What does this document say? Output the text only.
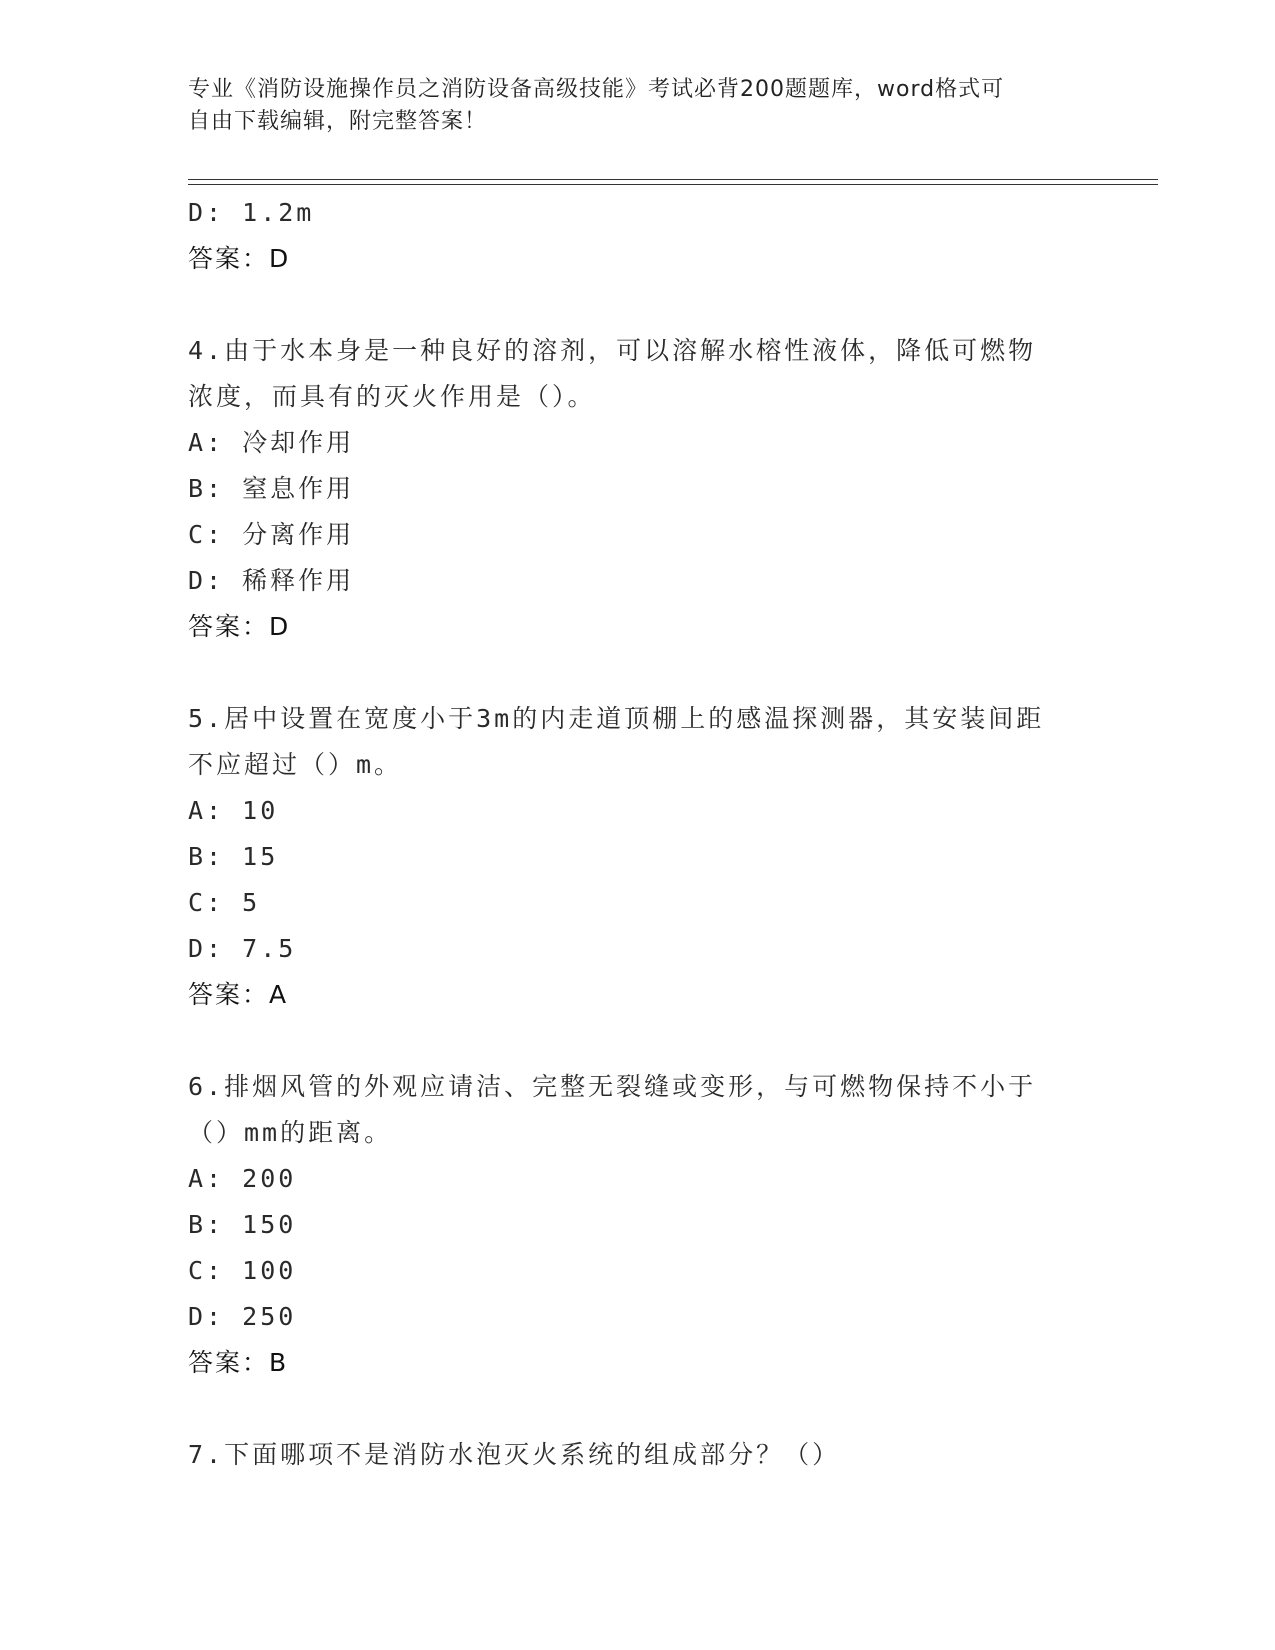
专业《消防设施操作员之消防设备高级技能》考试必背200题题库，word格式可
自由下载编辑，附完整答案！
D: 1.2m
答案：D
4.由于水本身是一种良好的溶剂，可以溶解水榕性液体，降低可燃物
浓度，而具有的灭火作用是（）。
A: 冷却作用
B: 窒息作用
C: 分离作用
D: 稀释作用
答案：D
5.居中设置在宽度小于3m的内走道顶棚上的感温探测器，其安装间距
不应超过（）m。
A: 10
B: 15
C: 5
D: 7.5
答案：A
6.排烟风管的外观应请洁、完整无裂缝或变形，与可燃物保持不小于
（）mm的距离。
A: 200
B: 150
C: 100
D: 250
答案：B
7.下面哪项不是消防水泡灭火系统的组成部分？（）
